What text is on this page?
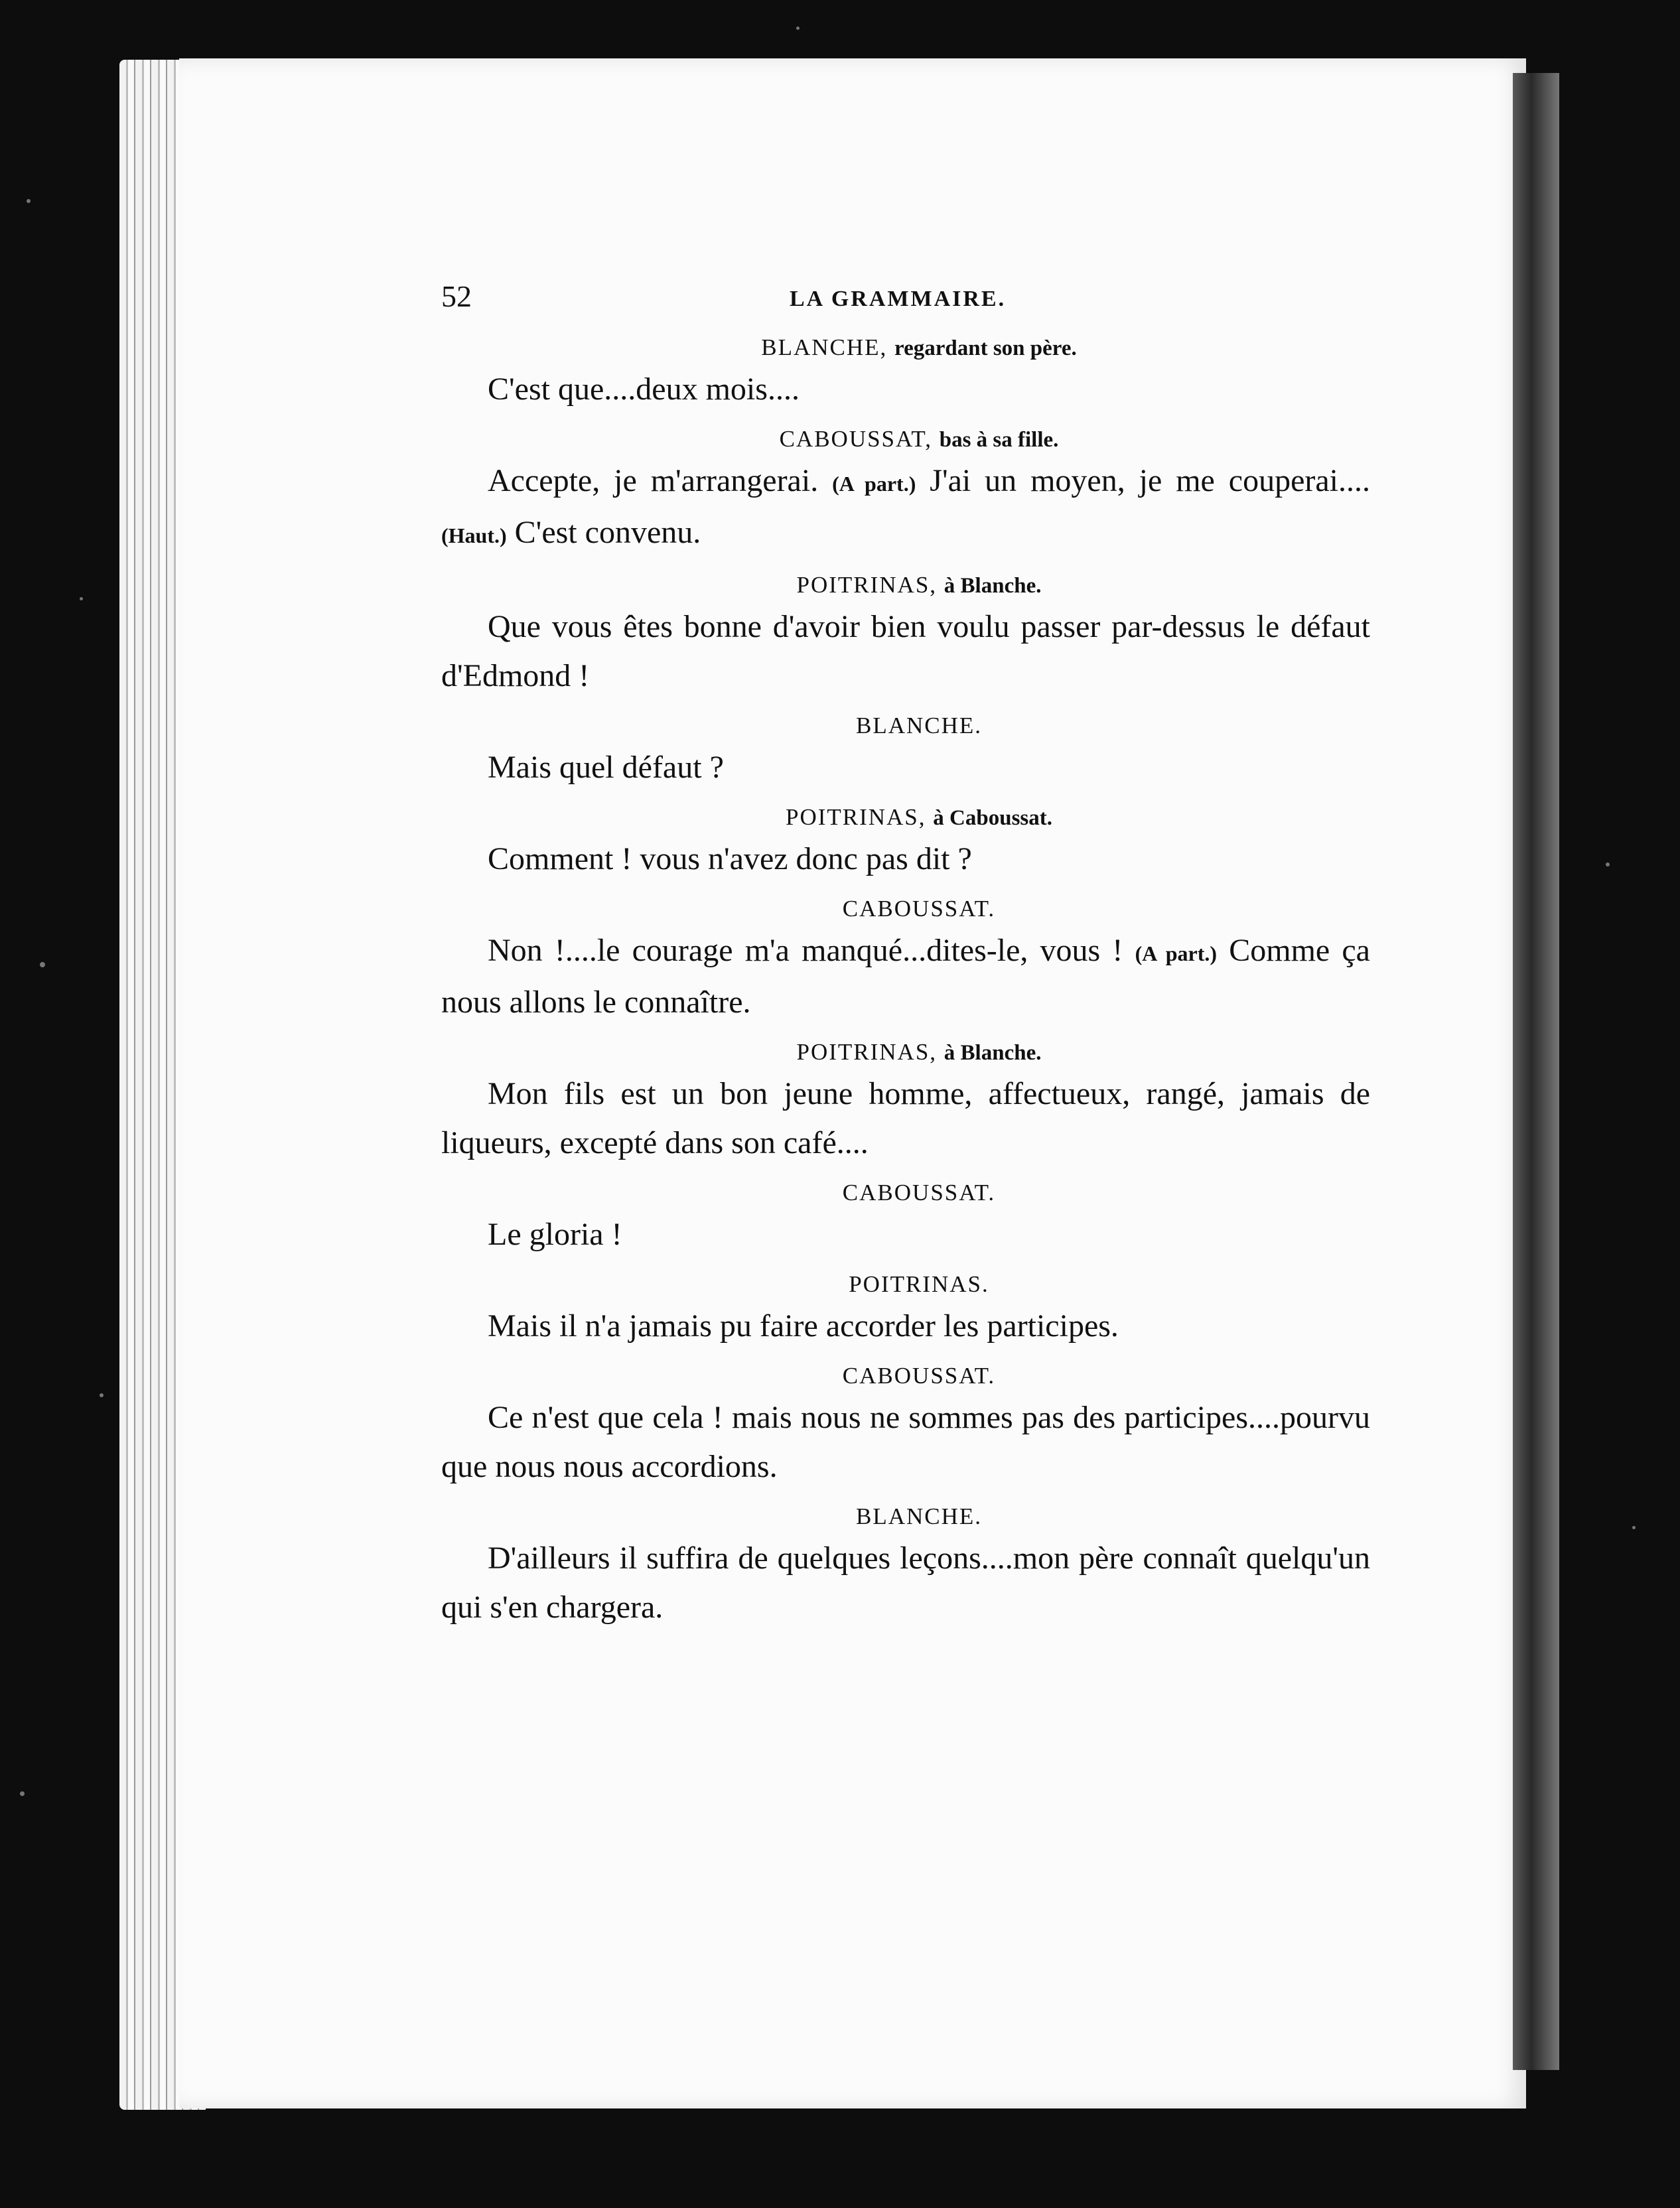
52	LA GRAMMAIRE.
BLANCHE, regardant son père.

C'est que....deux mois....

CABOUSSAT, bas à sa fille.

Accepte, je m'arrangerai. (A part.) J'ai un moyen, je me couperai....(Haut.) C'est convenu.

POITRINAS, à Blanche.

Que vous êtes bonne d'avoir bien voulu passer par-dessus le défaut d'Edmond !

BLANCHE.

Mais quel défaut ?

POITRINAS, à Caboussat.

Comment ! vous n'avez donc pas dit ?

CABOUSSAT.

Non !....le courage m'a manqué...dites-le, vous ! (A part.) Comme ça nous allons le connaître.

POITRINAS, à Blanche.

Mon fils est un bon jeune homme, affectueux, rangé, jamais de liqueurs, excepté dans son café....

CABOUSSAT.

Le gloria !

POITRINAS.

Mais il n'a jamais pu faire accorder les participes.

CABOUSSAT.

Ce n'est que cela ! mais nous ne sommes pas des participes....pourvu que nous nous accordions.

BLANCHE.

D'ailleurs il suffira de quelques leçons....mon père connaît quelqu'un qui s'en chargera.
